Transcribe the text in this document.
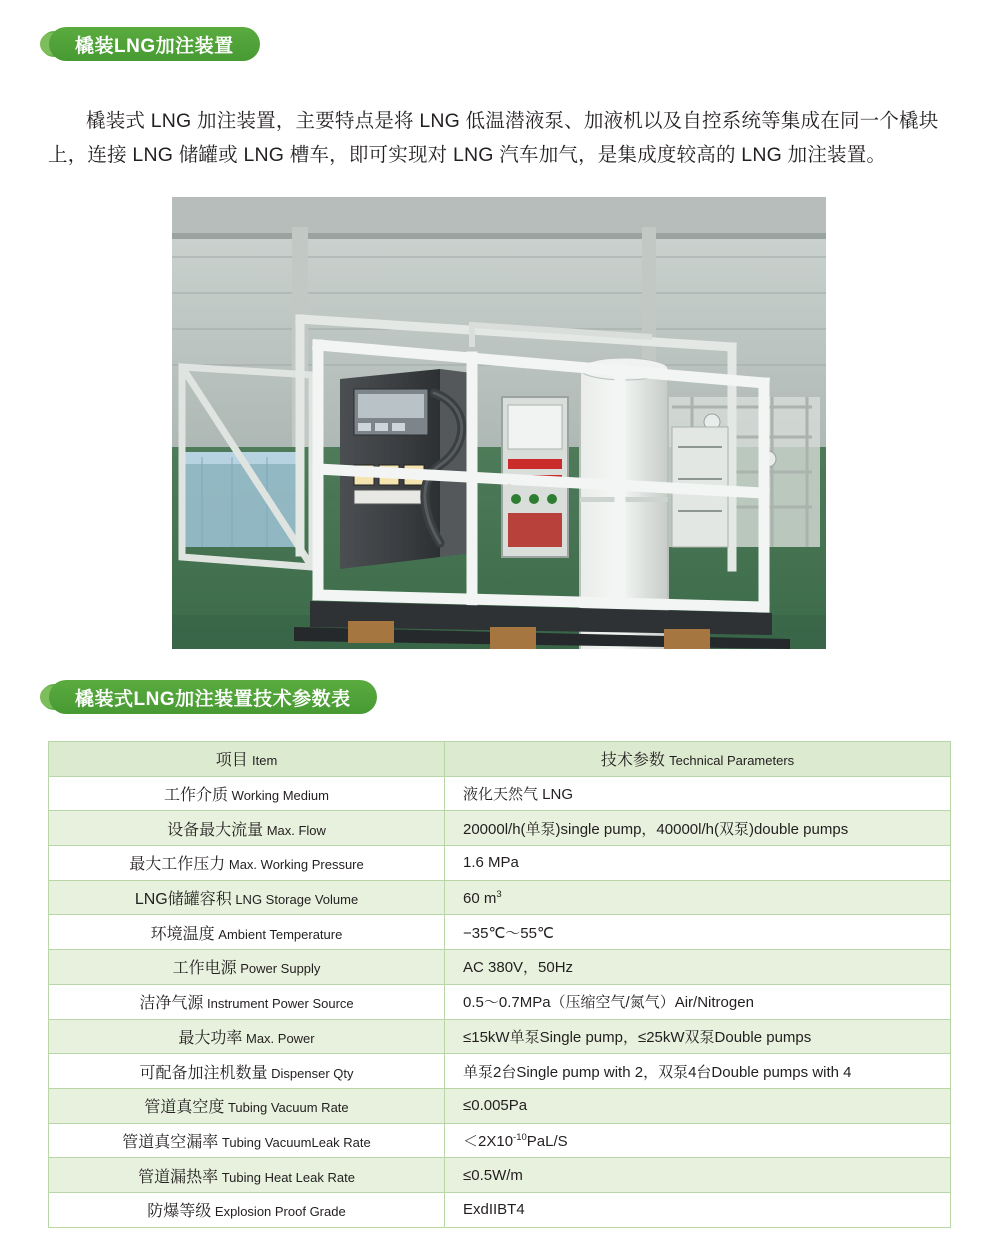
橇装LNG加注装置

橇装式 LNG 加注装置，主要特点是将 LNG 低温潜液泵、加液机以及自控系统等集成在同一个橇块上，连接 LNG 储罐或 LNG 槽车，即可实现对 LNG 汽车加气，是集成度较高的 LNG 加注装置。

橇装式LNG加注装置技术参数表
项目 Item	技术参数 Technical Parameters
工作介质 Working Medium	液化天然气 LNG
设备最大流量 Max. Flow	20000l/h(单泵)single pump，40000l/h(双泵)double pumps
最大工作压力 Max. Working Pressure	1.6 MPa
LNG储罐容积 LNG Storage Volume	60 $m^3$
环境温度 Ambient Temperature	−35℃～55℃
工作电源 Power Supply	AC 380V，50Hz
洁净气源 Instrument Power Source	0.5～0.7MPa（压缩空气/氮气）Air/Nitrogen
最大功率 Max. Power	≤15kW单泵Single pump，≤25kW双泵Double pumps
可配备加注机数量 Dispenser Qty	单泵2台Single pump with 2，双泵4台Double pumps with 4
管道真空度 Tubing Vacuum Rate	≤0.005Pa
管道真空漏率 Tubing VacuumLeak Rate	$<2X10^{-10}PaL/S$
管道漏热率 Tubing Heat Leak Rate	≤0.5W/m
防爆等级 Explosion Proof Grade	ExdIIBT4
